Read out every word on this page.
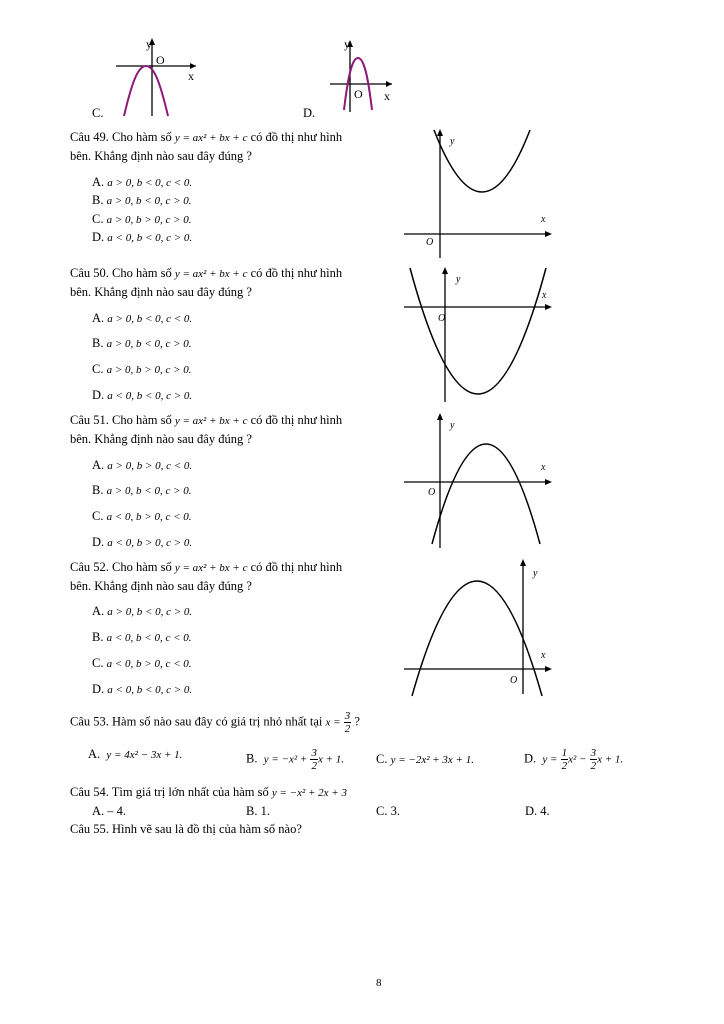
y
O
x
C.
y
O x
D.
Câu 49. Cho hàm số y = ax² + bx + c có đồ thị như hình
bên. Khẳng định nào sau đây đúng ?
A. a > 0, b < 0, c < 0.
B. a > 0, b < 0, c > 0.
C. a > 0, b > 0, c > 0.
D. a < 0, b < 0, c > 0.
y
x
O
Câu 50. Cho hàm số y = ax² + bx + c có đồ thị như hình
bên. Khẳng định nào sau đây đúng ?
A. a > 0, b < 0, c < 0.
B. a > 0, b < 0, c > 0.
C. a > 0, b > 0, c > 0.
D. a < 0, b < 0, c > 0.
y
x
O
Câu 51. Cho hàm số y = ax² + bx + c có đồ thị như hình
bên. Khẳng định nào sau đây đúng ?
A. a > 0, b > 0, c < 0.
B. a > 0, b < 0, c > 0.
C. a < 0, b > 0, c < 0.
D. a < 0, b > 0, c > 0.
y
x
O
Câu 52. Cho hàm số y = ax² + bx + c có đồ thị như hình
bên. Khẳng định nào sau đây đúng ?
A. a > 0, b < 0, c > 0.
B. a < 0, b < 0, c < 0.
C. a < 0, b > 0, c < 0.
D. a < 0, b < 0, c > 0.
y
x
O
Câu 53. Hàm số nào sau đây có giá trị nhỏ nhất tại $x = \frac{3}{2}$ ?
A. y = 4x² − 3x + 1.	B. $y = -x^2 + \frac{3}{2}$ x + 1.	C. y = −2x² + 3x + 1.	D. $y = \frac{1}{2} x^2 - \frac{3}{2}$ x + 1.
Câu 54. Tìm giá trị lớn nhất của hàm số y = −x² + 2x + 3
A. – 4.	B. 1.	C. 3.	D. 4.
Câu 55. Hình vẽ sau là đồ thị của hàm số nào?
8
